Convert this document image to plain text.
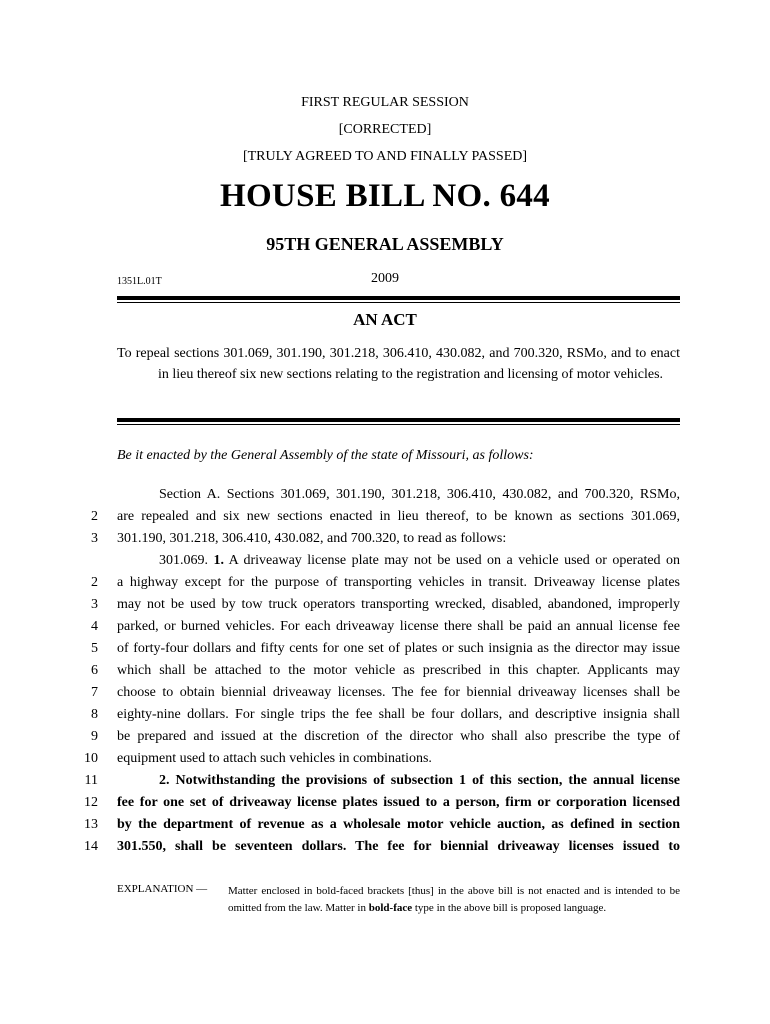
FIRST REGULAR SESSION
[CORRECTED]
[TRULY AGREED TO AND FINALLY PASSED]
HOUSE BILL NO. 644
95TH GENERAL ASSEMBLY
1351L.01T	2009
AN ACT
To repeal sections 301.069, 301.190, 301.218, 306.410, 430.082, and 700.320, RSMo, and to enact in lieu thereof six new sections relating to the registration and licensing of motor vehicles.
Be it enacted by the General Assembly of the state of Missouri, as follows:
Section A. Sections 301.069, 301.190, 301.218, 306.410, 430.082, and 700.320, RSMo,
2 are repealed and six new sections enacted in lieu thereof, to be known as sections 301.069,
3 301.190, 301.218, 306.410, 430.082, and 700.320, to read as follows:
301.069. 1. A driveaway license plate may not be used on a vehicle used or operated on
2 a highway except for the purpose of transporting vehicles in transit. Driveaway license plates
3 may not be used by tow truck operators transporting wrecked, disabled, abandoned, improperly
4 parked, or burned vehicles. For each driveaway license there shall be paid an annual license fee
5 of forty-four dollars and fifty cents for one set of plates or such insignia as the director may issue
6 which shall be attached to the motor vehicle as prescribed in this chapter. Applicants may
7 choose to obtain biennial driveaway licenses. The fee for biennial driveaway licenses shall be
8 eighty-nine dollars. For single trips the fee shall be four dollars, and descriptive insignia shall
9 be prepared and issued at the discretion of the director who shall also prescribe the type of
10 equipment used to attach such vehicles in combinations.
11	2. Notwithstanding the provisions of subsection 1 of this section, the annual license
12 fee for one set of driveaway license plates issued to a person, firm or corporation licensed
13 by the department of revenue as a wholesale motor vehicle auction, as defined in section
14 301.550, shall be seventeen dollars. The fee for biennial driveaway licenses issued to
EXPLANATION — Matter enclosed in bold-faced brackets [thus] in the above bill is not enacted and is intended to be omitted from the law. Matter in bold-face type in the above bill is proposed language.
